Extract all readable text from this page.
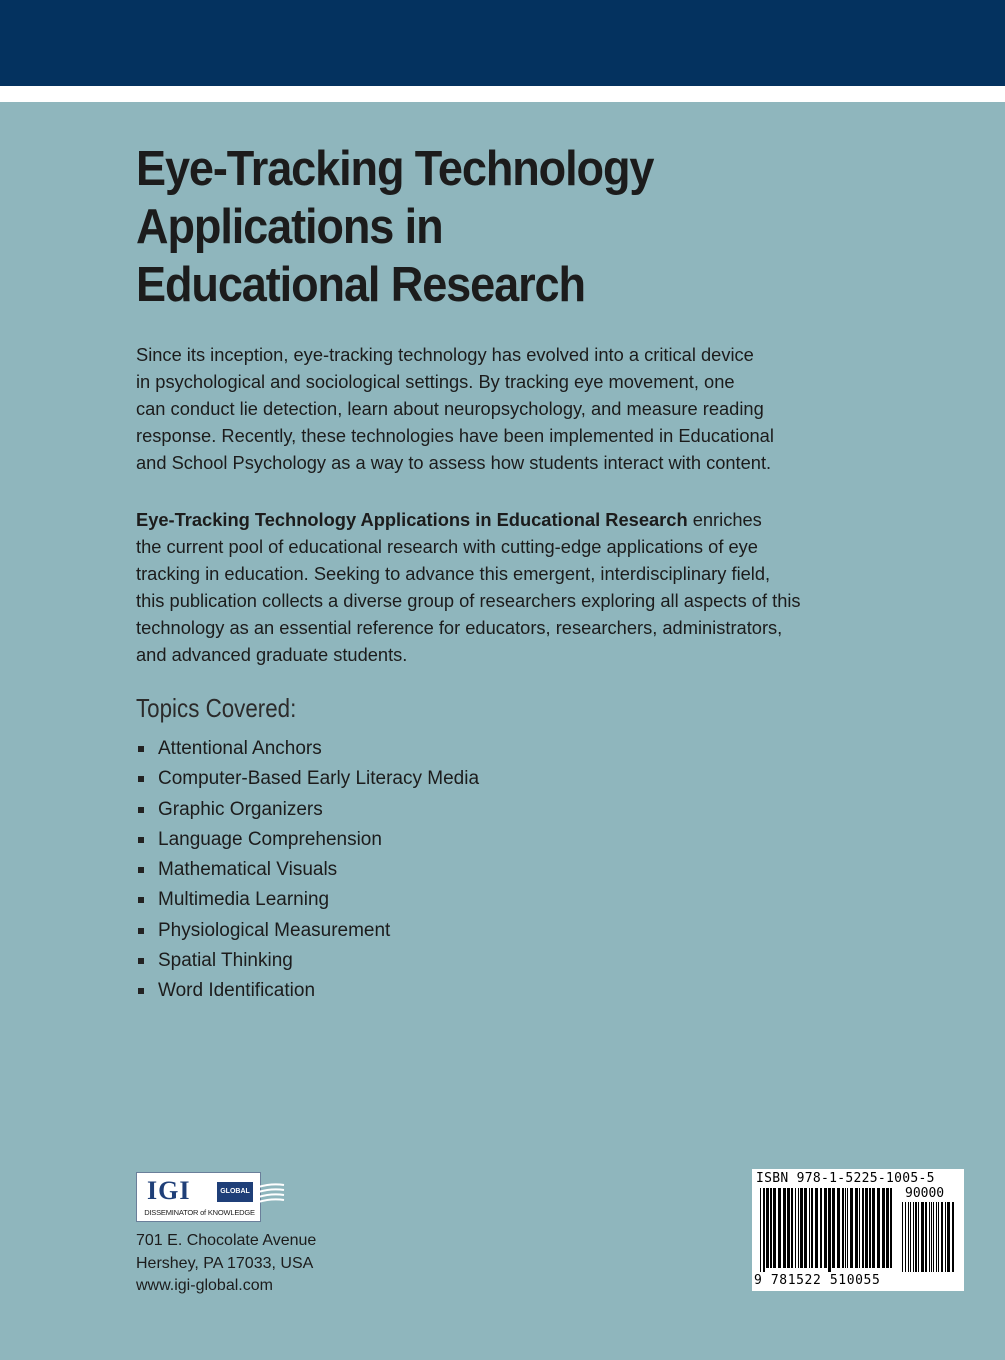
Eye-Tracking Technology
Applications in
Educational Research

Since its inception, eye-tracking technology has evolved into a critical device
in psychological and sociological settings. By tracking eye movement, one
can conduct lie detection, learn about neuropsychology, and measure reading
response. Recently, these technologies have been implemented in Educational
and School Psychology as a way to assess how students interact with content.

Eye-Tracking Technology Applications in Educational Research enriches
the current pool of educational research with cutting-edge applications of eye
tracking in education. Seeking to advance this emergent, interdisciplinary field,
this publication collects a diverse group of researchers exploring all aspects of this
technology as an essential reference for educators, researchers, administrators,
and advanced graduate students.

Topics Covered:
Attentional Anchors
Computer-Based Early Literacy Media
Graphic Organizers
Language Comprehension
Mathematical Visuals
Multimedia Learning
Physiological Measurement
Spatial Thinking
Word Identification
IGI	GLOBAL
DISSEMINATOR of KNOWLEDGE

701 E. Chocolate Avenue
Hershey, PA 17033, USA
www.igi-global.com

ISBN 978-1-5225-1005-5
90000
9 781522 510055
